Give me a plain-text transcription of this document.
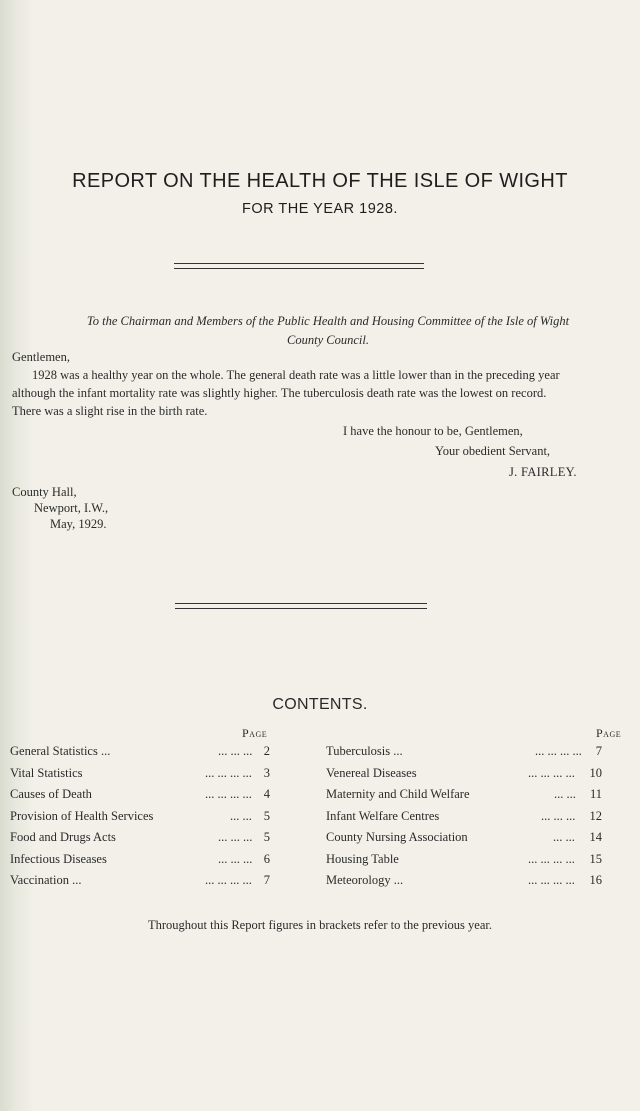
REPORT ON THE HEALTH OF THE ISLE OF WIGHT
FOR THE YEAR 1928.
To the Chairman and Members of the Public Health and Housing Committee of the Isle of Wight
County Council.
Gentlemen,
1928 was a healthy year on the whole. The general death rate was a little lower than in the preceding year
although the infant mortality rate was slightly higher. The tuberculosis death rate was the lowest on record.
There was a slight rise in the birth rate.
I have the honour to be, Gentlemen,
Your obedient Servant,
J. FAIRLEY.
County Hall,
Newport, I.W.,
May, 1929.
CONTENTS.
Page	Page
General Statistics ...	2
... ... ...
Vital Statistics	3
... ... ... ...
Causes of Death	4
... ... ... ...
Provision of Health Services	5
... ...
Food and Drugs Acts	5
... ... ...
Infectious Diseases	6
... ... ...
Vaccination ...	7
... ... ... ...
Tuberculosis ...	7
... ... ... ...
Venereal Diseases	10
... ... ... ...
Maternity and Child Welfare	11
... ...
Infant Welfare Centres	12
... ... ...
County Nursing Association	14
... ...
Housing Table	15
... ... ... ...
Meteorology ...	16
... ... ... ...
Throughout this Report figures in brackets refer to the previous year.
